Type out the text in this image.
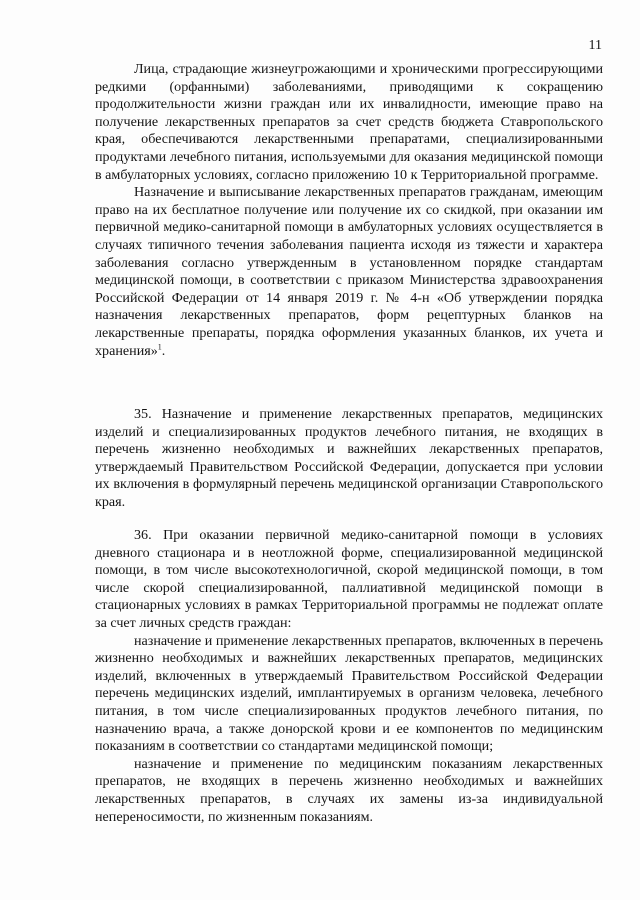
11

Лица, страдающие жизнеугрожающими и хроническими прогрессирующими редкими (орфанными) заболеваниями, приводящими к сокращению продолжительности жизни граждан или их инвалидности, имеющие право на получение лекарственных препаратов за счет средств бюджета Ставропольского края, обеспечиваются лекарственными препаратами, специализированными продуктами лечебного питания, используемыми для оказания медицинской помощи в амбулаторных условиях, согласно приложению 10 к Территориальной программе.

Назначение и выписывание лекарственных препаратов гражданам, имеющим право на их бесплатное получение или получение их со скидкой, при оказании им первичной медико-санитарной помощи в амбулаторных условиях осуществляется в случаях типичного течения заболевания пациента исходя из тяжести и характера заболевания согласно утвержденным в установленном порядке стандартам медицинской помощи, в соответствии с приказом Министерства здравоохранения Российской Федерации от 14 января 2019 г. № 4-н «Об утверждении порядка назначения лекарственных препаратов, форм рецептурных бланков на лекарственные препараты, порядка оформления указанных бланков, их учета и хранения»$^1$.

35. Назначение и применение лекарственных препаратов, медицинских изделий и специализированных продуктов лечебного питания, не входящих в перечень жизненно необходимых и важнейших лекарственных препаратов, утверждаемый Правительством Российской Федерации, допускается при условии их включения в формулярный перечень медицинской организации Ставропольского края.

36. При оказании первичной медико-санитарной помощи в условиях дневного стационара и в неотложной форме, специализированной медицинской помощи, в том числе высокотехнологичной, скорой медицинской помощи, в том числе скорой специализированной, паллиативной медицинской помощи в стационарных условиях в рамках Территориальной программы не подлежат оплате за счет личных средств граждан:

назначение и применение лекарственных препаратов, включенных в перечень жизненно необходимых и важнейших лекарственных препаратов, медицинских изделий, включенных в утверждаемый Правительством Российской Федерации перечень медицинских изделий, имплантируемых в организм человека, лечебного питания, в том числе специализированных продуктов лечебного питания, по назначению врача, а также донорской крови и ее компонентов по медицинским показаниям в соответствии со стандартами медицинской помощи;

назначение и применение по медицинским показаниям лекарственных препаратов, не входящих в перечень жизненно необходимых и важнейших лекарственных препаратов, в случаях их замены из-за индивидуальной непереносимости, по жизненным показаниям.
